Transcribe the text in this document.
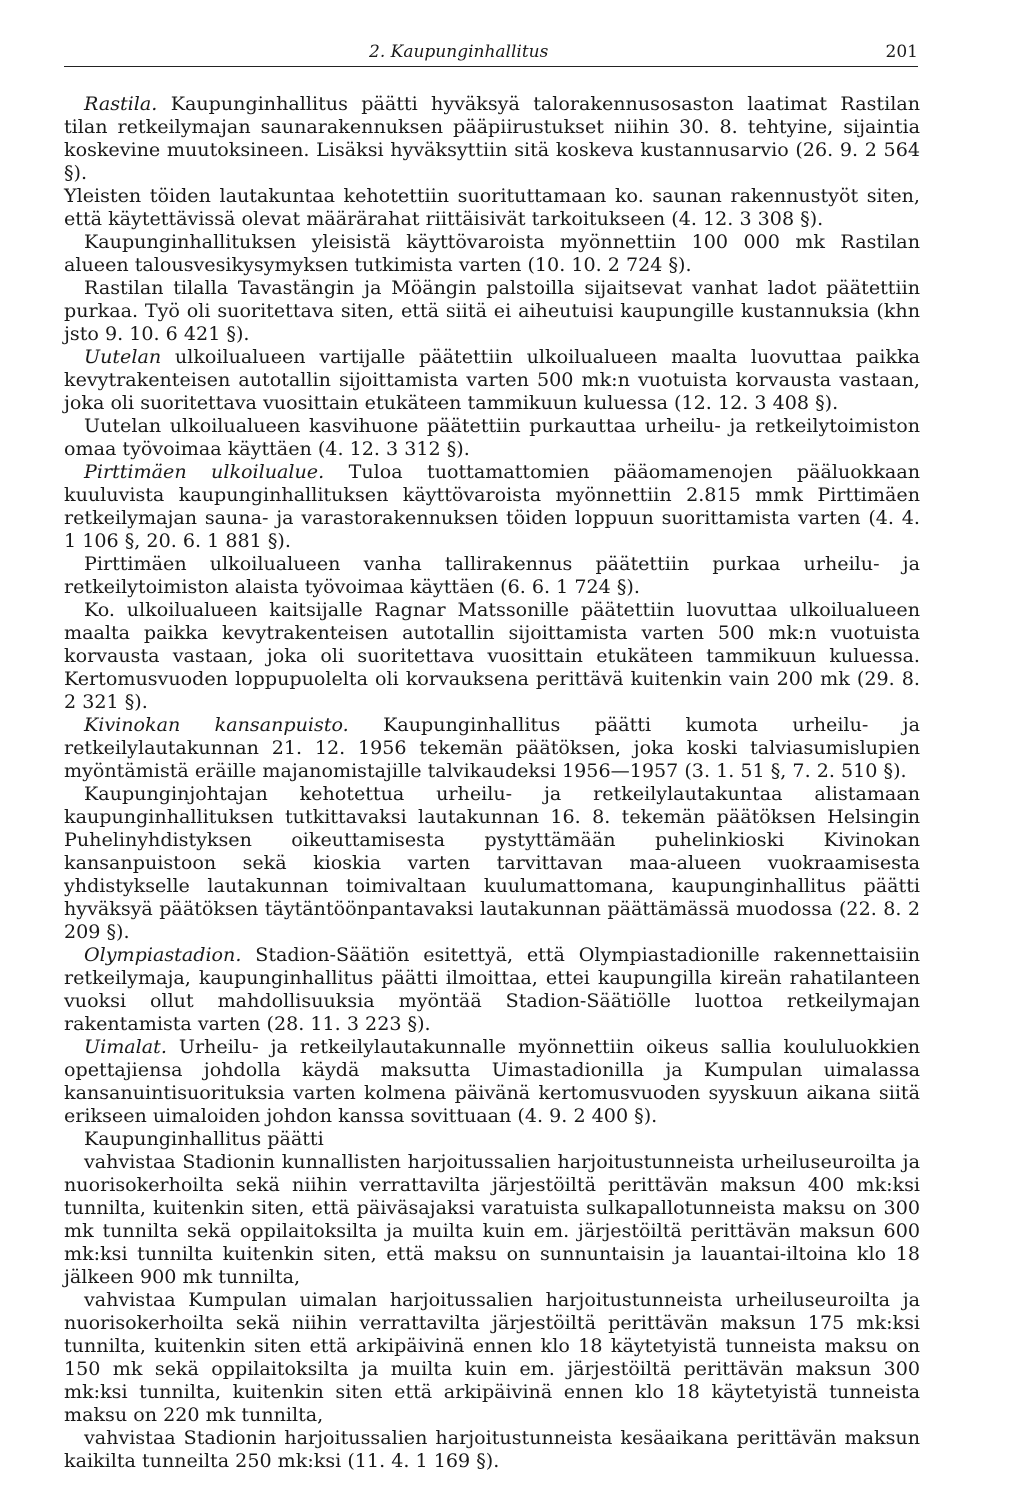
2. Kaupunginhallitus	201

Rastila. Kaupunginhallitus päätti hyväksyä talorakennusosaston laatimat Rastilan tilan retkeilymajan saunarakennuksen pääpiirustukset niihin 30. 8. tehtyine, sijaintia koskevine muutoksineen. Lisäksi hyväksyttiin sitä koskeva kustannusarvio (26. 9. 2 564 §).

Yleisten töiden lautakuntaa kehotettiin suorituttamaan ko. saunan rakennustyöt siten, että käytettävissä olevat määrärahat riittäisivät tarkoitukseen (4. 12. 3 308 §).

Kaupunginhallituksen yleisistä käyttövaroista myönnettiin 100 000 mk Rastilan alueen talousvesikysymyksen tutkimista varten (10. 10. 2 724 §).

Rastilan tilalla Tavastängin ja Möängin palstoilla sijaitsevat vanhat ladot päätettiin purkaa. Työ oli suoritettava siten, että siitä ei aiheutuisi kaupungille kustannuksia (khn jsto 9. 10. 6 421 §).

Uutelan ulkoilualueen vartijalle päätettiin ulkoilualueen maalta luovuttaa paikka kevytrakenteisen autotallin sijoittamista varten 500 mk:n vuotuista korvausta vastaan, joka oli suoritettava vuosittain etukäteen tammikuun kuluessa (12. 12. 3 408 §).

Uutelan ulkoilualueen kasvihuone päätettiin purkauttaa urheilu- ja retkeilytoimiston omaa työvoimaa käyttäen (4. 12. 3 312 §).

Pirttimäen ulkoilualue. Tuloa tuottamattomien pääomamenojen pääluokkaan kuuluvista kaupunginhallituksen käyttövaroista myönnettiin 2.815 mmk Pirttimäen retkeilymajan sauna- ja varastorakennuksen töiden loppuun suorittamista varten (4. 4. 1 106 §, 20. 6. 1 881 §).

Pirttimäen ulkoilualueen vanha tallirakennus päätettiin purkaa urheilu- ja retkeilytoimiston alaista työvoimaa käyttäen (6. 6. 1 724 §).

Ko. ulkoilualueen kaitsijalle Ragnar Matssonille päätettiin luovuttaa ulkoilualueen maalta paikka kevytrakenteisen autotallin sijoittamista varten 500 mk:n vuotuista korvausta vastaan, joka oli suoritettava vuosittain etukäteen tammikuun kuluessa. Kertomusvuoden loppupuolelta oli korvauksena perittävä kuitenkin vain 200 mk (29. 8. 2 321 §).

Kivinokan kansanpuisto. Kaupunginhallitus päätti kumota urheilu- ja retkeilylautakunnan 21. 12. 1956 tekemän päätöksen, joka koski talviasumislupien myöntämistä eräille majanomistajille talvikaudeksi 1956—1957 (3. 1. 51 §, 7. 2. 510 §).

Kaupunginjohtajan kehotettua urheilu- ja retkeilylautakuntaa alistamaan kaupunginhallituksen tutkittavaksi lautakunnan 16. 8. tekemän päätöksen Helsingin Puhelinyhdistyksen oikeuttamisesta pystyttämään puhelinkioski Kivinokan kansanpuistoon sekä kioskia varten tarvittavan maa-alueen vuokraamisesta yhdistykselle lautakunnan toimivaltaan kuulumattomana, kaupunginhallitus päätti hyväksyä päätöksen täytäntöönpantavaksi lautakunnan päättämässä muodossa (22. 8. 2 209 §).

Olympiastadion. Stadion-Säätiön esitettyä, että Olympiastadionille rakennettaisiin retkeilymaja, kaupunginhallitus päätti ilmoittaa, ettei kaupungilla kireän rahatilanteen vuoksi ollut mahdollisuuksia myöntää Stadion-Säätiölle luottoa retkeilymajan rakentamista varten (28. 11. 3 223 §).

Uimalat. Urheilu- ja retkeilylautakunnalle myönnettiin oikeus sallia koululuokkien opettajiensa johdolla käydä maksutta Uimastadionilla ja Kumpulan uimalassa kansanuintisuorituksia varten kolmena päivänä kertomusvuoden syyskuun aikana siitä erikseen uimaloiden johdon kanssa sovittuaan (4. 9. 2 400 §).

Kaupunginhallitus päätti

vahvistaa Stadionin kunnallisten harjoitussalien harjoitustunneista urheiluseuroilta ja nuorisokerhoilta sekä niihin verrattavilta järjestöiltä perittävän maksun 400 mk:ksi tunnilta, kuitenkin siten, että päiväsajaksi varatuista sulkapallotunneista maksu on 300 mk tunnilta sekä oppilaitoksilta ja muilta kuin em. järjestöiltä perittävän maksun 600 mk:ksi tunnilta kuitenkin siten, että maksu on sunnuntaisin ja lauantai-iltoina klo 18 jälkeen 900 mk tunnilta,

vahvistaa Kumpulan uimalan harjoitussalien harjoitustunneista urheiluseuroilta ja nuorisokerhoilta sekä niihin verrattavilta järjestöiltä perittävän maksun 175 mk:ksi tunnilta, kuitenkin siten että arkipäivinä ennen klo 18 käytetyistä tunneista maksu on 150 mk sekä oppilaitoksilta ja muilta kuin em. järjestöiltä perittävän maksun 300 mk:ksi tunnilta, kuitenkin siten että arkipäivinä ennen klo 18 käytetyistä tunneista maksu on 220 mk tunnilta,

vahvistaa Stadionin harjoitussalien harjoitustunneista kesäaikana perittävän maksun kaikilta tunneilta 250 mk:ksi (11. 4. 1 169 §).
